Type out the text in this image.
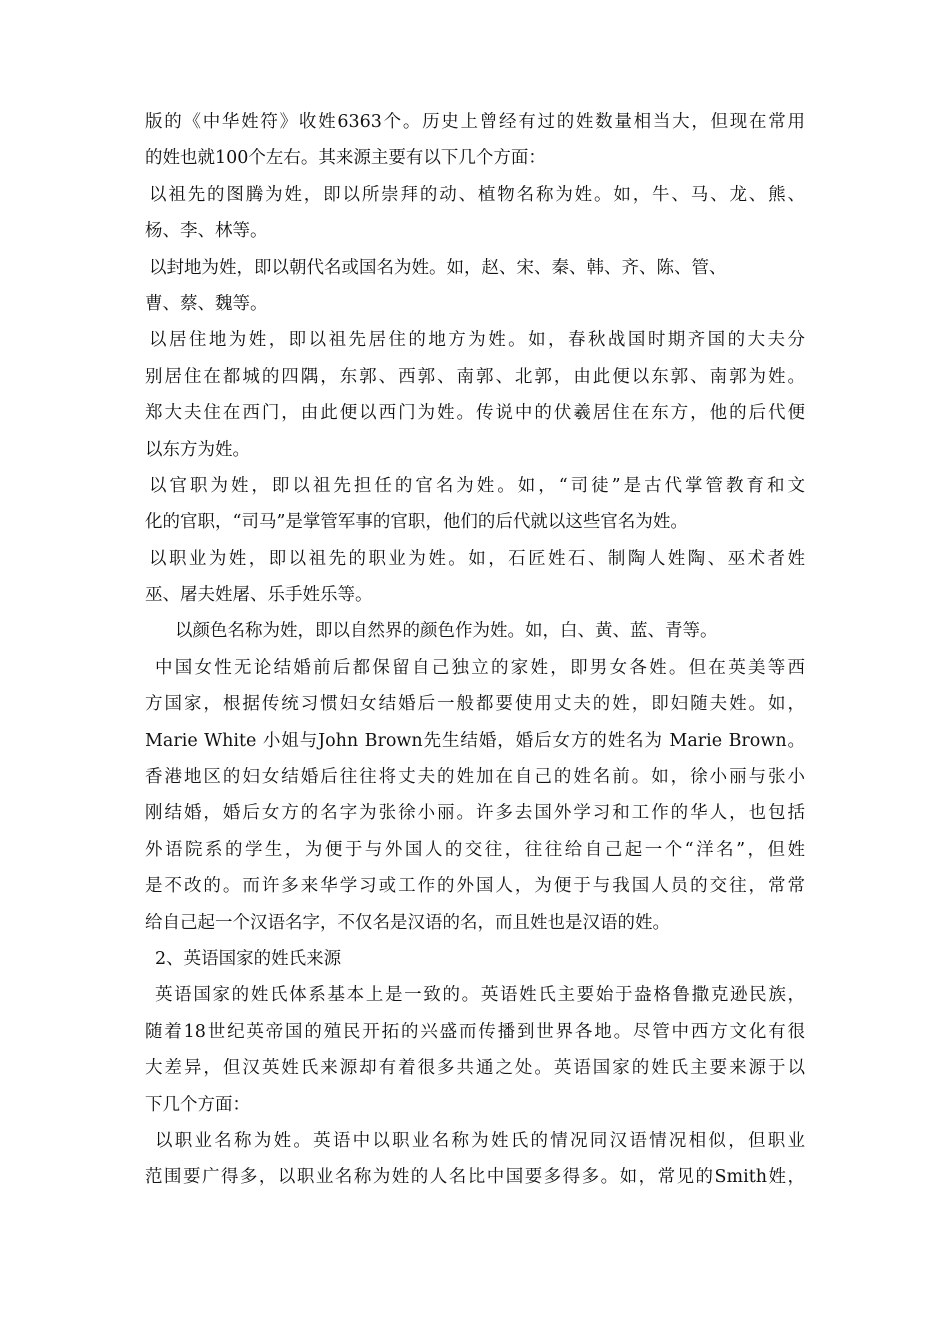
版的《中华姓符》收姓6363个。历史上曾经有过的姓数量相当大，但现在常用
的姓也就100个左右。其来源主要有以下几个方面：
以祖先的图腾为姓，即以所崇拜的动、植物名称为姓。如，牛、马、龙、熊、
杨、李、林等。
以封地为姓，即以朝代名或国名为姓。如，赵、宋、秦、韩、齐、陈、管、
曹、蔡、魏等。
以居住地为姓，即以祖先居住的地方为姓。如，春秋战国时期齐国的大夫分
别居住在都城的四隅，东郭、西郭、南郭、北郭，由此便以东郭、南郭为姓。
郑大夫住在西门，由此便以西门为姓。传说中的伏羲居住在东方，他的后代便
以东方为姓。
以官职为姓，即以祖先担任的官名为姓。如，“司徒”是古代掌管教育和文
化的官职，“司马”是掌管军事的官职，他们的后代就以这些官名为姓。
以职业为姓，即以祖先的职业为姓。如，石匠姓石、制陶人姓陶、巫术者姓
巫、屠夫姓屠、乐手姓乐等。
以颜色名称为姓，即以自然界的颜色作为姓。如，白、黄、蓝、青等。
中国女性无论结婚前后都保留自己独立的家姓，即男女各姓。但在英美等西
方国家，根据传统习惯妇女结婚后一般都要使用丈夫的姓，即妇随夫姓。如，
Marie White 小姐与John Brown先生结婚，婚后女方的姓名为 Marie Brown。
香港地区的妇女结婚后往往将丈夫的姓加在自己的姓名前。如，徐小丽与张小
刚结婚，婚后女方的名字为张徐小丽。许多去国外学习和工作的华人，也包括
外语院系的学生，为便于与外国人的交往，往往给自己起一个“洋名”，但姓
是不改的。而许多来华学习或工作的外国人，为便于与我国人员的交往，常常
给自己起一个汉语名字，不仅名是汉语的名，而且姓也是汉语的姓。
2、英语国家的姓氏来源
英语国家的姓氏体系基本上是一致的。英语姓氏主要始于盎格鲁撒克逊民族，
随着18世纪英帝国的殖民开拓的兴盛而传播到世界各地。尽管中西方文化有很
大差异，但汉英姓氏来源却有着很多共通之处。英语国家的姓氏主要来源于以
下几个方面：
以职业名称为姓。英语中以职业名称为姓氏的情况同汉语情况相似，但职业
范围要广得多，以职业名称为姓的人名比中国要多得多。如，常见的Smith姓，
